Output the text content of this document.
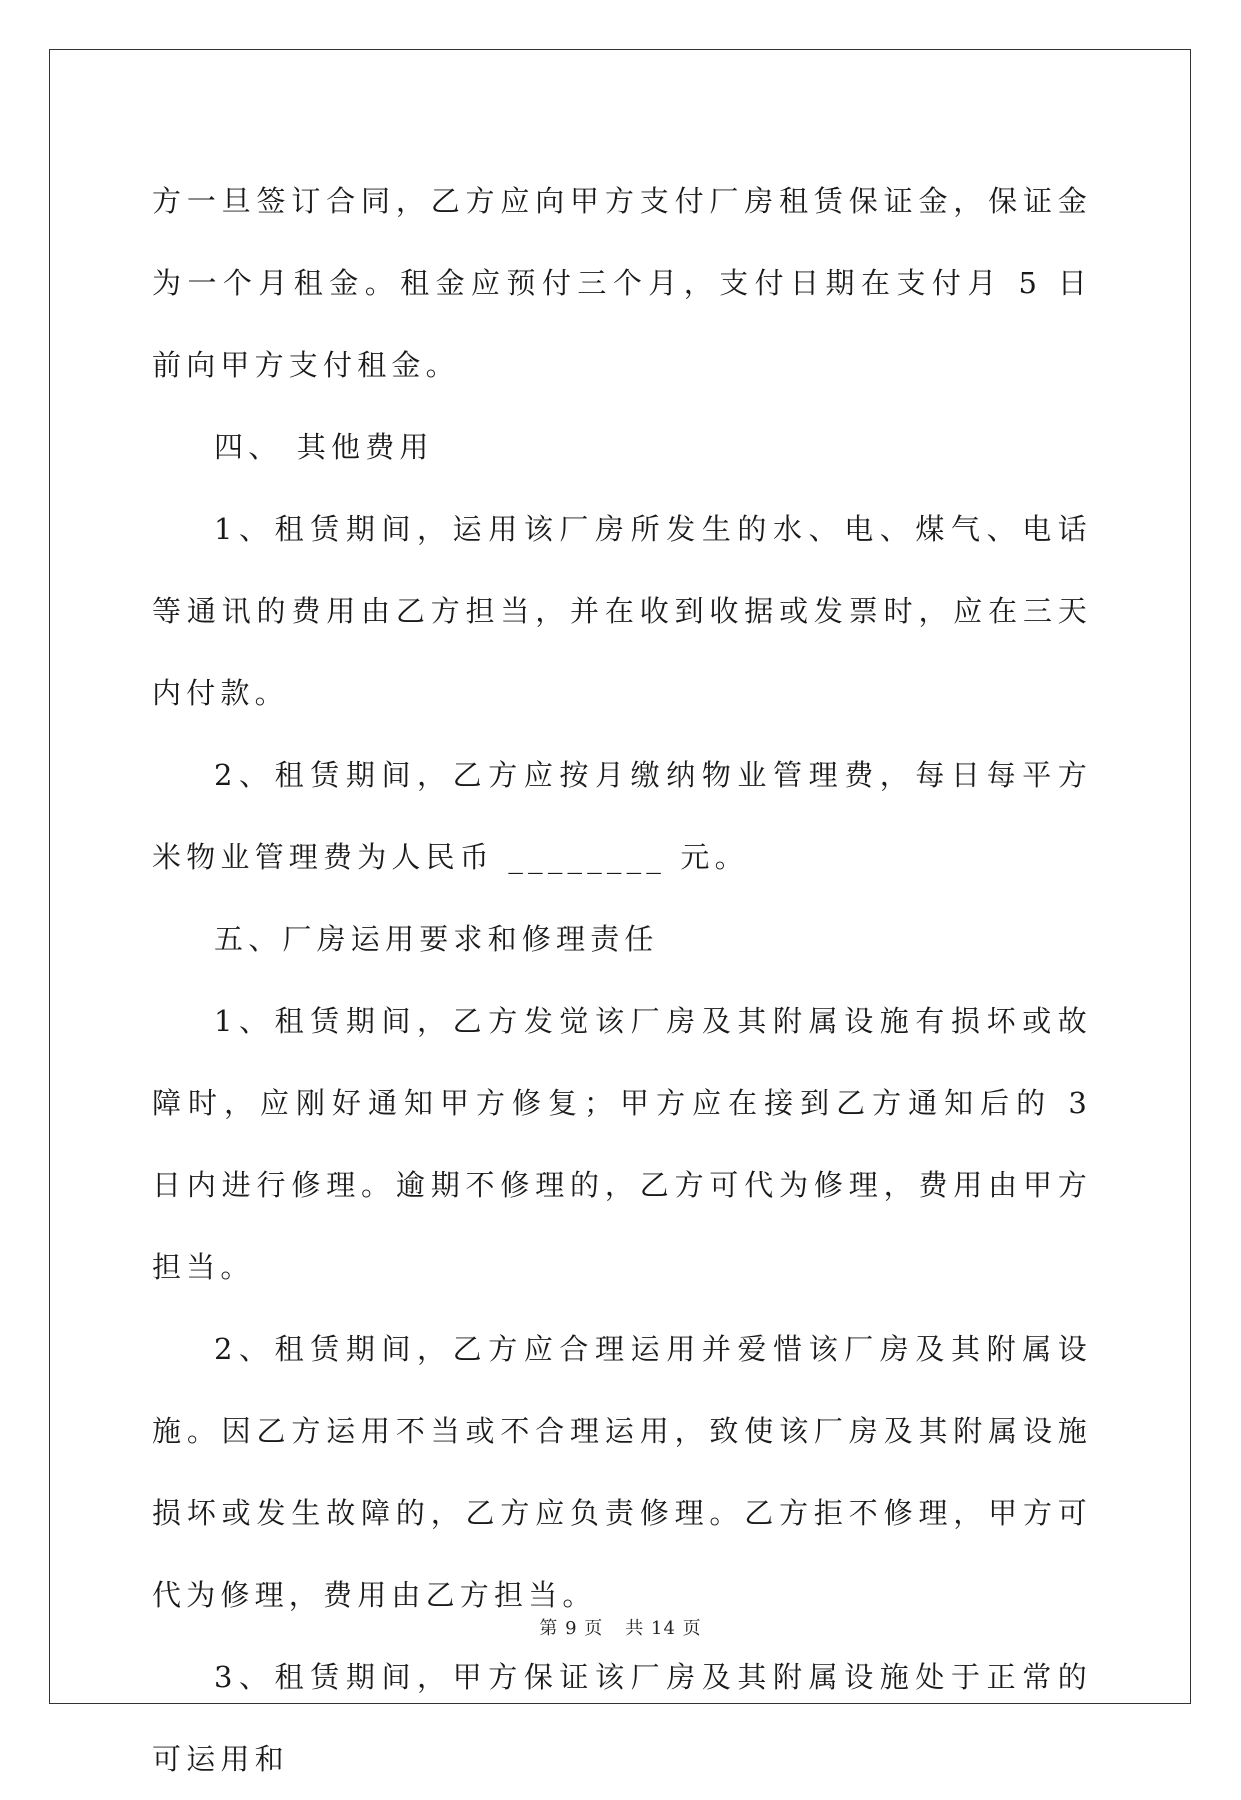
方一旦签订合同，乙方应向甲方支付厂房租赁保证金，保证金为一个月租金。租金应预付三个月，支付日期在支付月 5 日前向甲方支付租金。

四、 其他费用

1、租赁期间，运用该厂房所发生的水、电、煤气、电话等通讯的费用由乙方担当，并在收到收据或发票时，应在三天内付款。

2、租赁期间，乙方应按月缴纳物业管理费，每日每平方米物业管理费为人民币 ________ 元。

五、厂房运用要求和修理责任

1、租赁期间，乙方发觉该厂房及其附属设施有损坏或故障时，应刚好通知甲方修复；甲方应在接到乙方通知后的 3 日内进行修理。逾期不修理的，乙方可代为修理，费用由甲方担当。

2、租赁期间，乙方应合理运用并爱惜该厂房及其附属设施。因乙方运用不当或不合理运用，致使该厂房及其附属设施损坏或发生故障的，乙方应负责修理。乙方拒不修理，甲方可代为修理，费用由乙方担当。

3、租赁期间，甲方保证该厂房及其附属设施处于正常的可运用和

第 9 页 共 14 页
